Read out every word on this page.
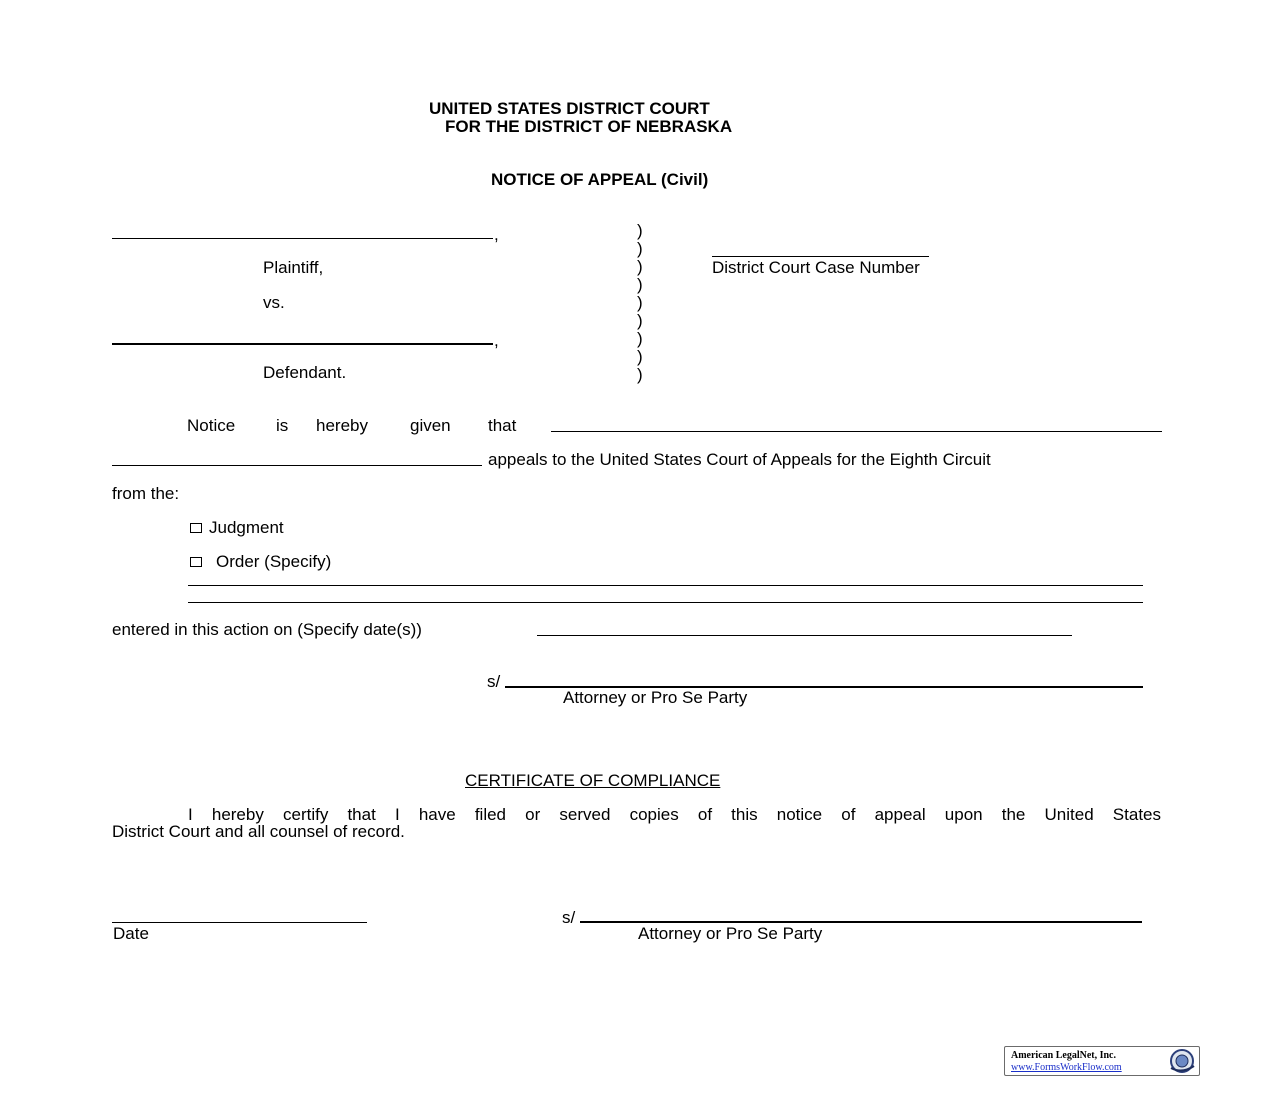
UNITED STATES DISTRICT COURT
FOR THE DISTRICT OF NEBRASKA
NOTICE OF APPEAL (Civil)
,
Plaintiff,
vs.
,
Defendant.
)
)
)
)
)
)
)
)
)
District Court Case Number
Notice is hereby given that
appeals to the United States Court of Appeals for the Eighth Circuit
from the:
Judgment
Order (Specify)
entered in this action on (Specify date(s))
s/
Attorney or Pro Se Party
CERTIFICATE OF COMPLIANCE
I hereby certify that I have filed or served copies of this notice of appeal upon the United States
District Court and all counsel of record.
Date
s/
Attorney or Pro Se Party
American LegalNet, Inc.
www.FormsWorkFlow.com
